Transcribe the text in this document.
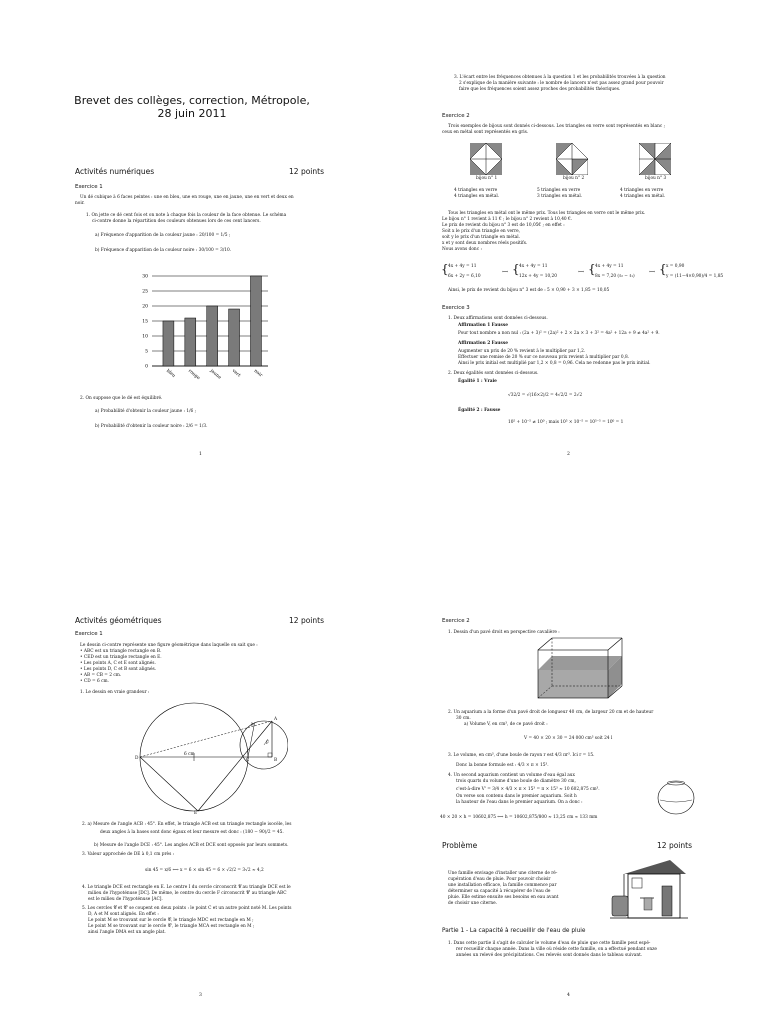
Brevet des collèges, correction, Métropole,
28 juin 2011
Activités numériques	12 points
Exercice 1
Un dé cubique à 6 faces peintes : une en bleu, une en rouge, une en jaune, une en vert et deux en
noir.
1. On jette ce dé cent fois et on note à chaque fois la couleur de la face obtenue. Le schéma
ci-contre donne la répartition des couleurs obtenues lors de ces cent lancers.
a) Fréquence d'apparition de la couleur jaune : 20/100 = 1/5 ;
b) Fréquence d'apparition de la couleur noire : 30/100 = 3/10.
0
5
10
15
20
25
30
bleu rouge jaune vert	noir
2. On suppose que le dé est équilibré.
a) Probabilité d'obtenir la couleur jaune : 1/6 ;
b) Probabilité d'obtenir la couleur noire : 2/6 = 1/3.
1
3. L'écart entre les fréquences obtenues à la question 1 et les probabilités trouvées à la question
2 s'explique de la manière suivante : le nombre de lancers n'est pas assez grand pour pouvoir
faire que les fréquences soient assez proches des probabilités théoriques.
Exercice 2
Trois exemples de bijoux sont donnés ci-dessous. Les triangles en verre sont représentés en blanc ;
ceux en métal sont représentés en gris.
bijou n° 1	bijou n° 2	bijou n° 3
4 triangles en verre
4 triangles en métal.
5 triangles en verre
3 triangles en métal.
4 triangles en verre
4 triangles en métal.
Tous les triangles en métal ont le même prix. Tous les triangles en verre ont le même prix.
Le bijou n° 1 revient à 11 € ; le bijou n° 2 revient à 10,40 €.
Le prix de revient du bijou n° 3 est de 10,05€ ; en effet :
Soit x le prix d'un triangle en verre,
soit y le prix d'un triangle en métal.
x et y sont deux nombres réels positifs.
Nous avons donc :
{ 4x + 4y = 11
6x + 2y = 6,10
⟺ { 4x + 4y = 11
12x + 4y = 10,20
⟺ { 4x + 4y = 11
8x = 7,20 (ℓ₂ − ℓ₁)
⟺ { x = 0,90
y = (11−4×0,90)/4 = 1,85
Ainsi, le prix de revient du bijou n° 3 est de : 5 × 0,90 + 3 × 1,85 = 10,05
Exercice 3
1. Deux affirmations sont données ci-dessous.
Affirmation 1 Fausse
Pour tout nombre a non nul : (2a + 3)² = (2a)² + 2 × 2a × 3 + 3² = 4a² + 12a + 9 ≠ 4a² + 9.
Affirmation 2 Fausse
Augmenter un prix de 20 % revient à le multiplier par 1,2.
Effectuer une remise de 20 % sur ce nouveau prix revient à multiplier par 0,8.
Ainsi le prix initial est multiplié par 1,2 × 0,8 = 0,96. Cela ne redonne pas le prix initial.
2. Deux égalités sont données ci-dessous.
Égalité 1 : Vraie
√32/2 = √(16×2)/2 = 4√2/2 = 2√2
Égalité 2 : Fausse
10⁵ + 10⁻⁵ ≠ 10⁰ ; mais 10⁵ × 10⁻⁵ = 10⁵⁻⁵ = 10⁰ = 1
2
Activités géométriques	12 points
Exercice 1
Le dessin ci-contre représente une figure géométrique dans laquelle on sait que :
• ABC est un triangle rectangle en B.
• CED est un triangle rectangle en E.
• Les points A, C et E sont alignés.
• Les points D, C et B sont alignés.
• AB = CB = 2 cm.
• CD = 6 cm.
1. Le dessin en vraie grandeur :
6 cm
D
E
A
B
C
F
M
2. a) Mesure de l'angle ACB : 45°. En effet, le triangle ACB est un triangle rectangle isocèle, les
deux angles à la bases sont donc égaux et leur mesure est donc : (180 − 90)/2 = 45.
b) Mesure de l'angle DCE : 45°. Les angles ACB et DCE sont opposés par leurs sommets.
3. Valeur approchée de DE à 0,1 cm près :
sin 45 = x/6 ⟺ x = 6 × sin 45 = 6 × √2/2 = 3√2 ≈ 4,2
4. Le triangle DCE est rectangle en E. Le centre I du cercle circonscrit 𝒞 au triangle DCE est le
milieu de l'hypoténuse [DC]. De même, le centre du cercle F circonscrit 𝒞' au triangle ABC
est le milieu de l'hypoténuse [AC].
5. Les cercles 𝒞 et 𝒞' se coupent en deux points : le point C et un autre point noté M. Les points
D, A et M sont alignés. En effet :
Le point M se trouvant sur le cercle 𝒞, le triangle MDC est rectangle en M ;
Le point M se trouvant sur le cercle 𝒞', le triangle MCA est rectangle en M ;
ainsi l'angle DMA est un angle plat.
3
Exercice 2
1. Dessin d'un pavé droit en perspective cavalière :
2. Un aquarium a la forme d'un pavé droit de longueur 40 cm, de largeur 20 cm et de hauteur
30 cm.
a) Volume V, en cm³, de ce pavé droit :
V = 40 × 20 × 30 = 24 000 cm³ soit 24 l
3. Le volume, en cm³, d'une boule de rayon r est 4/3 πr³. Ici r = 15.
Donc la bonne formule est : 4/3 × π × 15³.
4. Un second aquarium contient un volume d'eau égal aux
trois quarts du volume d'une boule de diamètre 30 cm,
c'est-à-dire V' = 3/4 × 4/3 × π × 15³ = π × 15³ ≈ 10 602,875 cm³.
On verse son contenu dans le premier aquarium. Soit h
la hauteur de l'eau dans le premier aquarium. On a donc :
40 × 20 × h = 10602,875 ⟺ h = 10602,875/800 ≈ 13,25 cm ≈ 133 mm
Problème	12 points
Une famille envisage d'installer une citerne de ré-
cupération d'eau de pluie. Pour pouvoir choisir
une installation efficace, la famille commence par
déterminer sa capacité à récupérer de l'eau de
pluie. Elle estime ensuite ses besoins en eau avant
de choisir une citerne.
Partie 1 - La capacité à recueillir de l'eau de pluie
1. Dans cette partie il s'agit de calculer le volume d'eau de pluie que cette famille peut espé-
rer recueillir chaque année. Dans la ville où réside cette famille, on a effectué pendant onze
années un relevé des précipitations. Ces relevés sont donnés dans le tableau suivant.
4
